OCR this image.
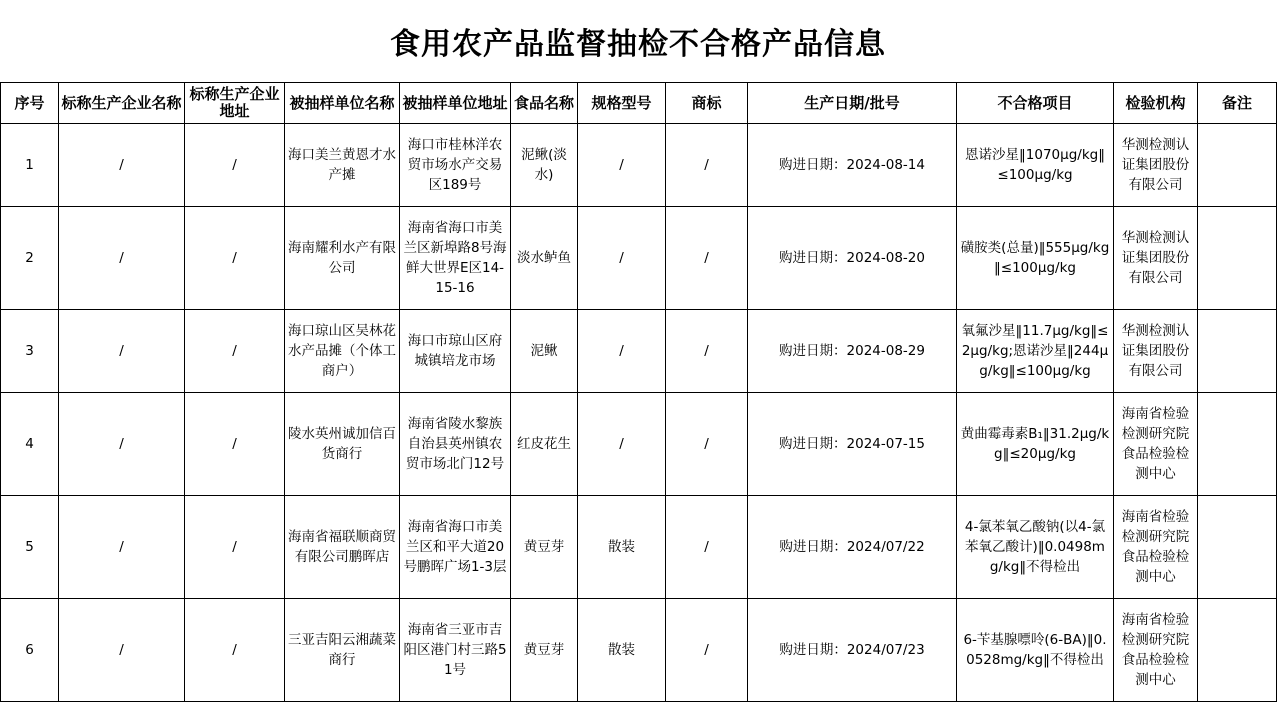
食用农产品监督抽检不合格产品信息
序号	标称生产企业名称	标称生产企业地址	被抽样单位名称	被抽样单位地址	食品名称	规格型号	商标	生产日期/批号	不合格项目	检验机构	备注
1	/	/	海口美兰黄恩才水产摊	海口市桂林洋农贸市场水产交易区189号	泥鳅(淡水)	/	/	购进日期：2024-08-14	恩诺沙星‖1070μg/kg‖≤100μg/kg	华测检测认证集团股份有限公司	
2	/	/	海南耀利水产有限公司	海南省海口市美兰区新埠路8号海鲜大世界E区14-15-16	淡水鲈鱼	/	/	购进日期：2024-08-20	磺胺类(总量)‖555μg/kg‖≤100μg/kg	华测检测认证集团股份有限公司	
3	/	/	海口琼山区吴林花水产品摊（个体工商户）	海口市琼山区府城镇培龙市场	泥鳅	/	/	购进日期：2024-08-29	氧氟沙星‖11.7μg/kg‖≤2μg/kg;恩诺沙星‖244μg/kg‖≤100μg/kg	华测检测认证集团股份有限公司	
4	/	/	陵水英州诚加信百货商行	海南省陵水黎族自治县英州镇农贸市场北门12号	红皮花生	/	/	购进日期：2024-07-15	黄曲霉毒素B₁‖31.2μg/kg‖≤20μg/kg	海南省检验检测研究院食品检验检测中心	
5	/	/	海南省福联顺商贸有限公司鹏晖店	海南省海口市美兰区和平大道20号鹏晖广场1-3层	黄豆芽	散装	/	购进日期：2024/07/22	4-氯苯氧乙酸钠(以4-氯苯氧乙酸计)‖0.0498mg/kg‖不得检出	海南省检验检测研究院食品检验检测中心	
6	/	/	三亚吉阳云湘蔬菜商行	海南省三亚市吉阳区港门村三路51号	黄豆芽	散装	/	购进日期：2024/07/23	6-苄基腺嘌呤(6-BA)‖0.0528mg/kg‖不得检出	海南省检验检测研究院食品检验检测中心	
